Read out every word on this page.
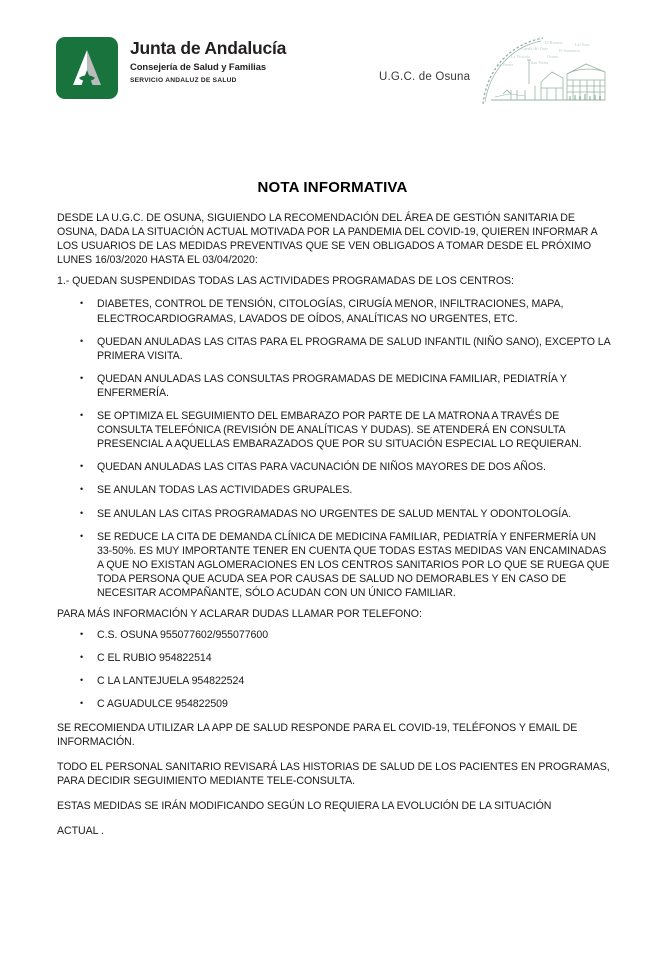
Junta de Andalucía
Consejería de Salud y Familias
SERVICIO ANDALUZ DE SALUD	U.G.C. de Osuna
El Rosario	Las Eras
Cuesta del Tinte	El Santuario
La Victoria	Osuna
La Puerta	San Pedro
NOTA INFORMATIVA

DESDE LA U.G.C. DE OSUNA, SIGUIENDO LA RECOMENDACIÓN DEL ÁREA DE GESTIÓN SANITARIA DE OSUNA, DADA LA SITUACIÓN ACTUAL MOTIVADA POR LA PANDEMIA DEL COVID-19, QUIEREN INFORMAR A LOS USUARIOS DE LAS MEDIDAS PREVENTIVAS QUE SE VEN OBLIGADOS A TOMAR DESDE EL PRÓXIMO LUNES 16/03/2020 HASTA EL 03/04/2020:

1.- QUEDAN SUSPENDIDAS TODAS LAS ACTIVIDADES PROGRAMADAS DE LOS CENTROS:

• DIABETES, CONTROL DE TENSIÓN, CITOLOGÍAS, CIRUGÍA MENOR, INFILTRACIONES, MAPA, ELECTROCARDIOGRAMAS, LAVADOS DE OÍDOS, ANALÍTICAS NO URGENTES, ETC.
• QUEDAN ANULADAS LAS CITAS PARA EL PROGRAMA DE SALUD INFANTIL (NIÑO SANO), EXCEPTO LA PRIMERA VISITA.
• QUEDAN ANULADAS LAS CONSULTAS PROGRAMADAS DE MEDICINA FAMILIAR, PEDIATRÍA Y ENFERMERÍA.
• SE OPTIMIZA EL SEGUIMIENTO DEL EMBARAZO POR PARTE DE LA MATRONA A TRAVÉS DE CONSULTA TELEFÓNICA (REVISIÓN DE ANALÍTICAS Y DUDAS). SE ATENDERÁ EN CONSULTA PRESENCIAL A AQUELLAS EMBARAZADOS QUE POR SU SITUACIÓN ESPECIAL LO REQUIERAN.
• QUEDAN ANULADAS LAS CITAS PARA VACUNACIÓN DE NIÑOS MAYORES DE DOS AÑOS.
• SE ANULAN TODAS LAS ACTIVIDADES GRUPALES.
• SE ANULAN LAS CITAS PROGRAMADAS NO URGENTES DE SALUD MENTAL Y ODONTOLOGÍA.
• SE REDUCE LA CITA DE DEMANDA CLÍNICA DE MEDICINA FAMILIAR, PEDIATRÍA Y ENFERMERÍA UN 33-50%. ES MUY IMPORTANTE TENER EN CUENTA QUE TODAS ESTAS MEDIDAS VAN ENCAMINADAS A QUE NO EXISTAN AGLOMERACIONES EN LOS CENTROS SANITARIOS POR LO QUE SE RUEGA QUE TODA PERSONA QUE ACUDA SEA POR CAUSAS DE SALUD NO DEMORABLES Y EN CASO DE NECESITAR ACOMPAÑANTE, SÓLO ACUDAN CON UN ÚNICO FAMILIAR.

PARA MÁS INFORMACIÓN Y ACLARAR DUDAS LLAMAR POR TELEFONO:

• C.S. OSUNA 955077602/955077600
• C EL RUBIO 954822514
• C LA LANTEJUELA 954822524
• C AGUADULCE 954822509

SE RECOMIENDA UTILIZAR LA APP DE SALUD RESPONDE PARA EL COVID-19, TELÉFONOS Y EMAIL DE INFORMACIÓN.

TODO EL PERSONAL SANITARIO REVISARÁ LAS HISTORIAS DE SALUD DE LOS PACIENTES EN PROGRAMAS, PARA DECIDIR SEGUIMIENTO MEDIANTE TELE-CONSULTA.

ESTAS MEDIDAS SE IRÁN MODIFICANDO SEGÚN LO REQUIERA LA EVOLUCIÓN DE LA SITUACIÓN

ACTUAL .
